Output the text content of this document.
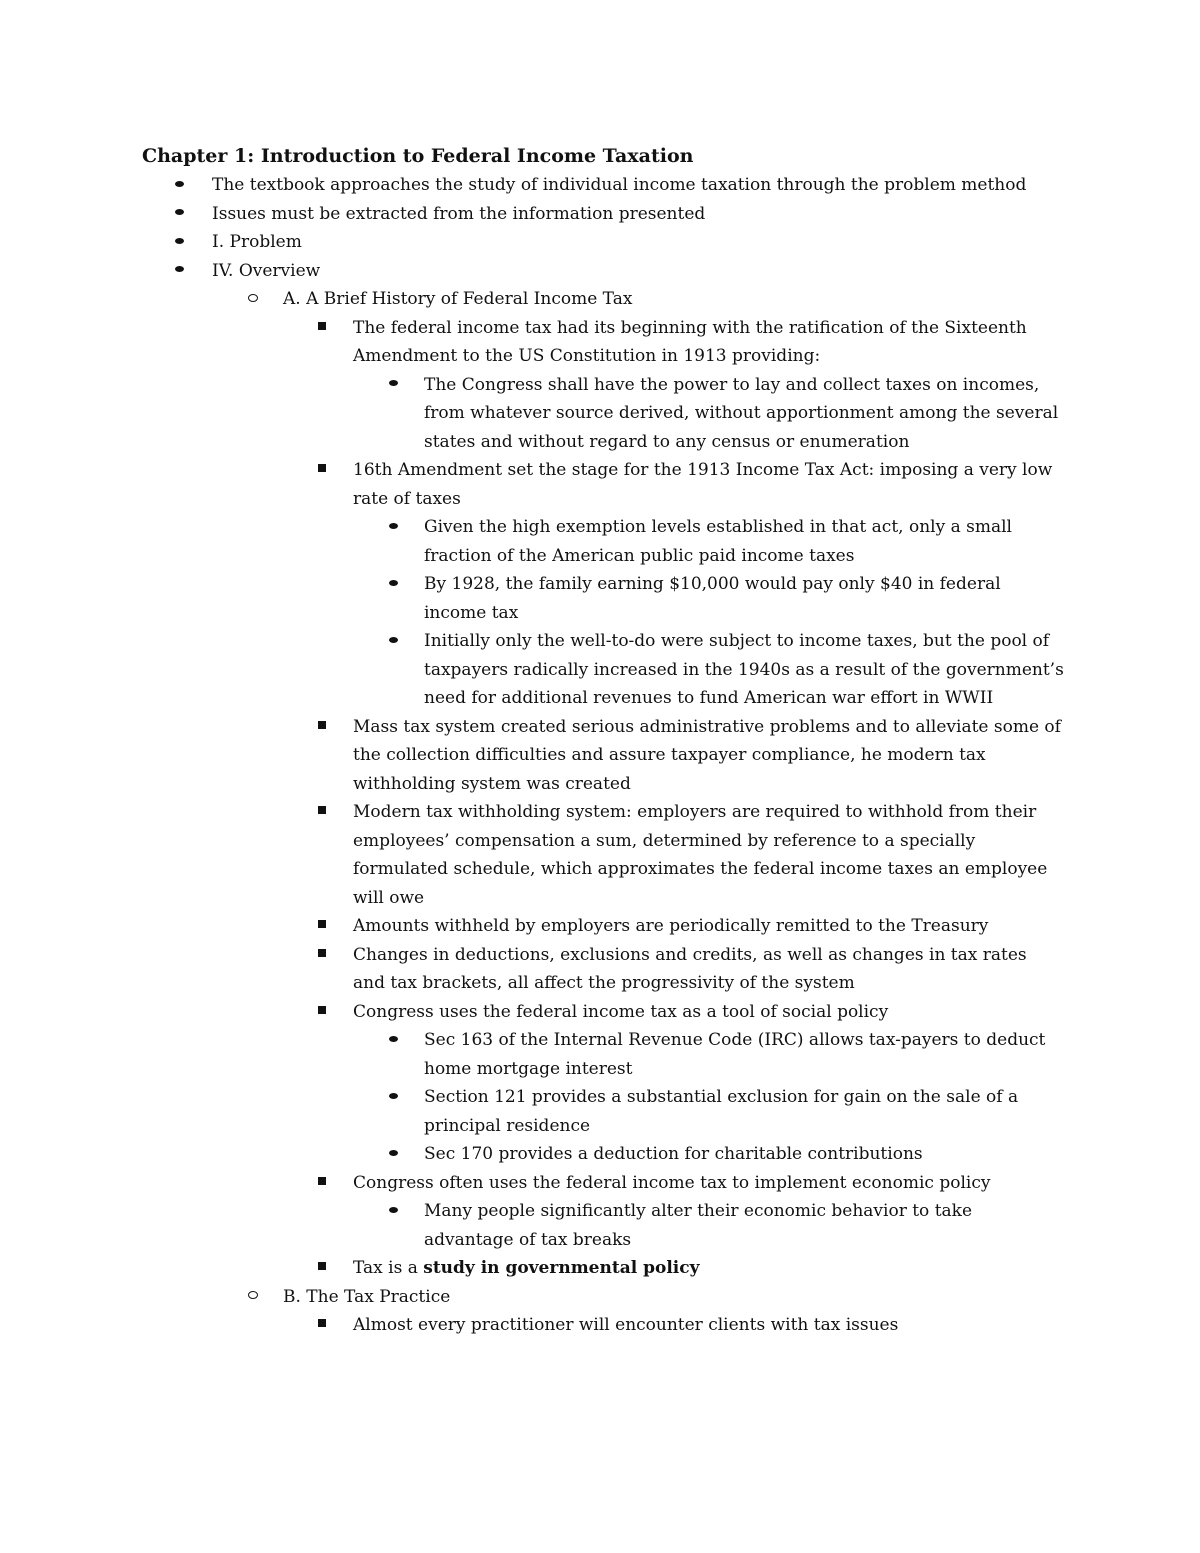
Chapter 1: Introduction to Federal Income Taxation
The textbook approaches the study of individual income taxation through the problem method
Issues must be extracted from the information presented
I. Problem
IV. Overview
A. A Brief History of Federal Income Tax
The federal income tax had its beginning with the ratification of the Sixteenth Amendment to the US Constitution in 1913 providing:
The Congress shall have the power to lay and collect taxes on incomes, from whatever source derived, without apportionment among the several states and without regard to any census or enumeration
16th Amendment set the stage for the 1913 Income Tax Act: imposing a very low rate of taxes
Given the high exemption levels established in that act, only a small fraction of the American public paid income taxes
By 1928, the family earning $10,000 would pay only $40 in federal income tax
Initially only the well-to-do were subject to income taxes, but the pool of taxpayers radically increased in the 1940s as a result of the government’s need for additional revenues to fund American war effort in WWII
Mass tax system created serious administrative problems and to alleviate some of the collection difficulties and assure taxpayer compliance, he modern tax withholding system was created
Modern tax withholding system: employers are required to withhold from their employees’ compensation a sum, determined by reference to a specially formulated schedule, which approximates the federal income taxes an employee will owe
Amounts withheld by employers are periodically remitted to the Treasury
Changes in deductions, exclusions and credits, as well as changes in tax rates and tax brackets, all affect the progressivity of the system
Congress uses the federal income tax as a tool of social policy
Sec 163 of the Internal Revenue Code (IRC) allows tax-payers to deduct home mortgage interest
Section 121 provides a substantial exclusion for gain on the sale of a principal residence
Sec 170 provides a deduction for charitable contributions
Congress often uses the federal income tax to implement economic policy
Many people significantly alter their economic behavior to take advantage of tax breaks
Tax is a study in governmental policy
B. The Tax Practice
Almost every practitioner will encounter clients with tax issues
